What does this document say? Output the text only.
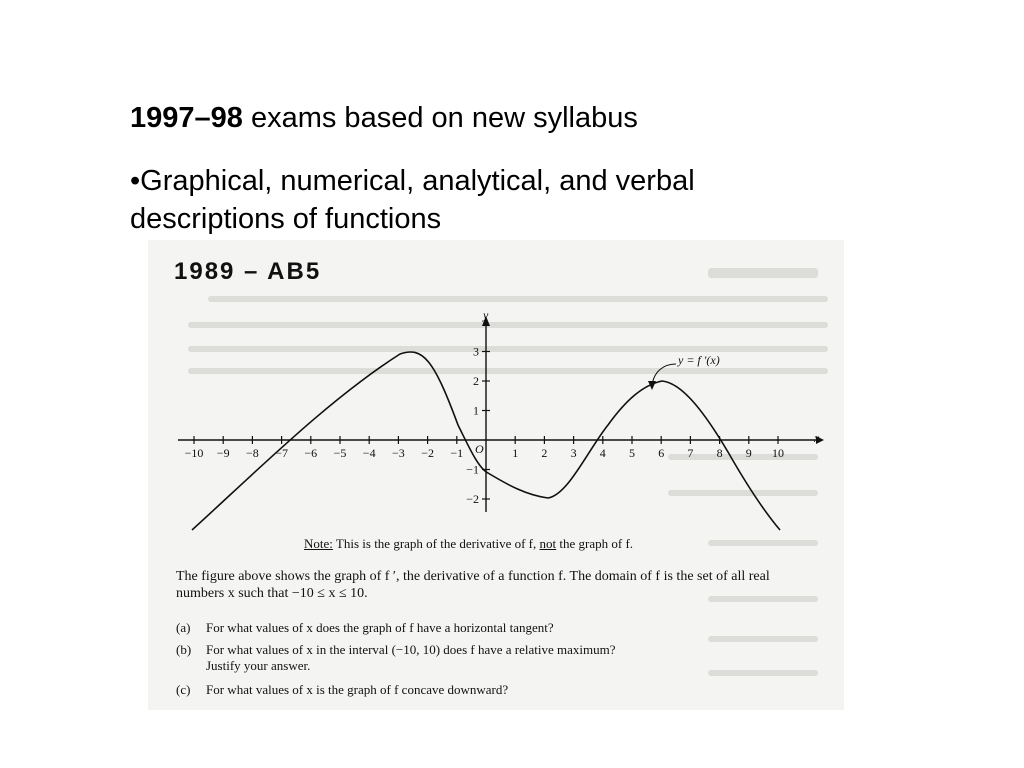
1997–98 exams based on new syllabus
•Graphical, numerical, analytical, and verbal descriptions of functions
1989 – AB5
x
y
O
−10 −9 −8 −7 −6 −5 −4 −3 −2 −1	1 2 3 4 5 6 7 8 9 10
3
2
1
−1
−2
y = f ′(x)
Note: This is the graph of the derivative of f, not the graph of f.
The figure above shows the graph of f ′, the derivative of a function f. The domain of f is the set of all real numbers x such that −10 ≤ x ≤ 10.
(a) For what values of x does the graph of f have a horizontal tangent?
(b) For what values of x in the interval (−10, 10) does f have a relative maximum?
Justify your answer.
(c) For what values of x is the graph of f concave downward?
